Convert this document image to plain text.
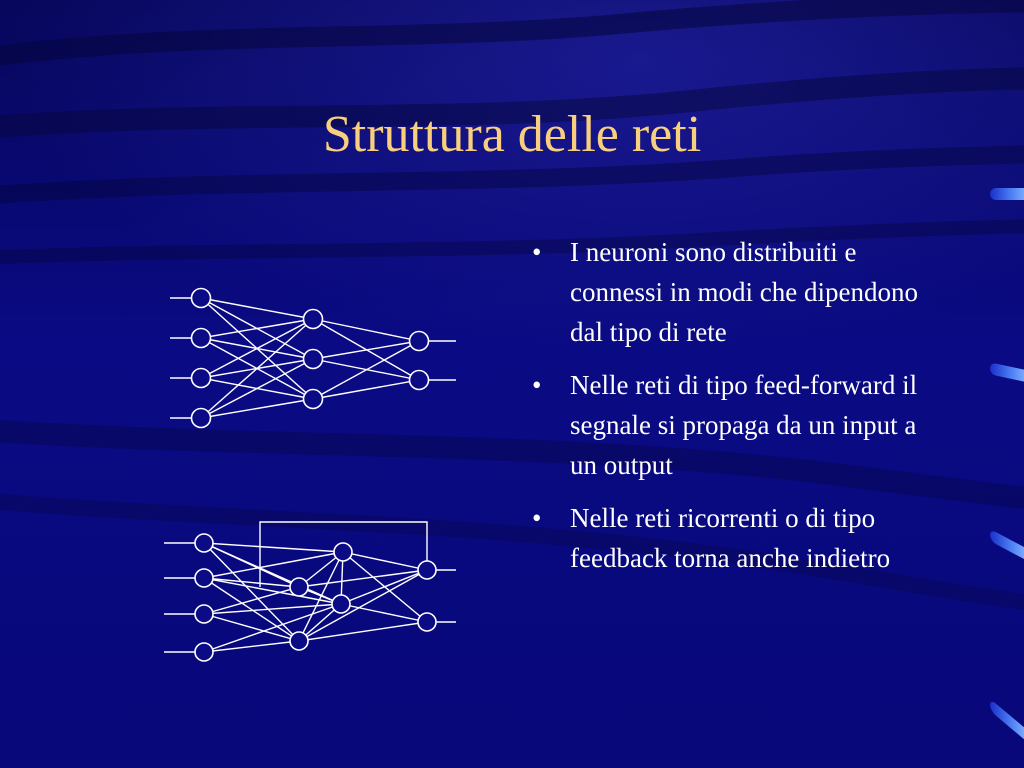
Struttura delle reti
• I neuroni sono distribuiti e connessi in modi che dipendono dal tipo di rete
• Nelle reti di tipo feed-forward il segnale si propaga da un input a un output
• Nelle reti ricorrenti o di tipo feedback torna anche indietro
